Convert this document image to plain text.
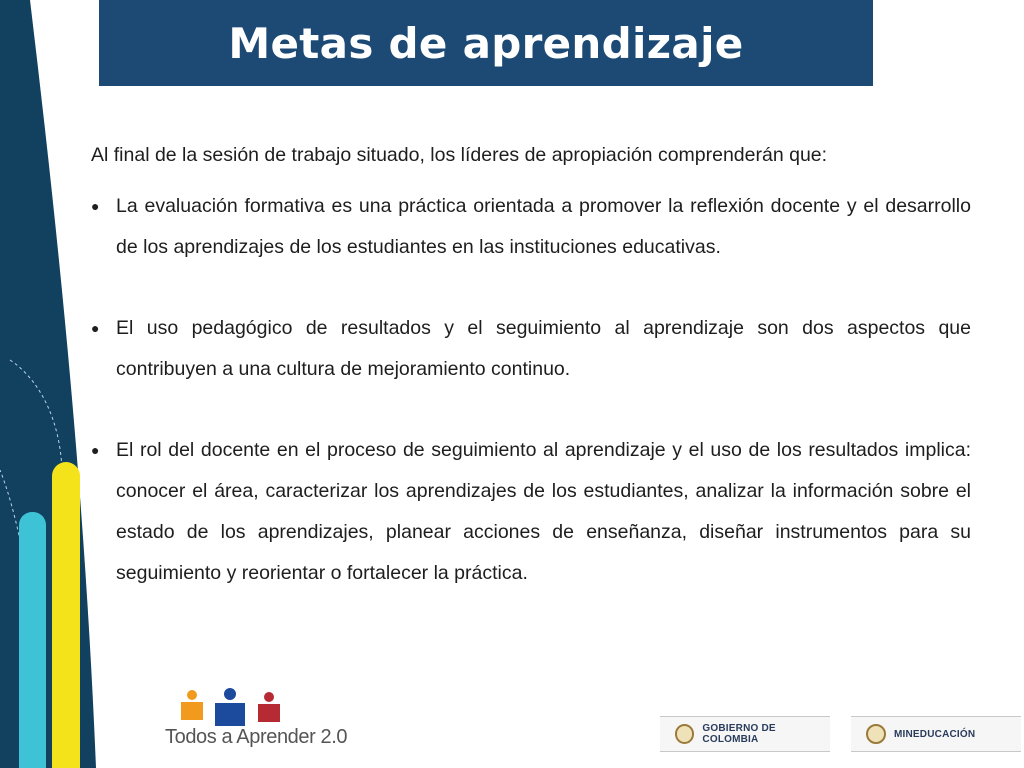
Metas de aprendizaje

Al final de la sesión de trabajo situado, los líderes de apropiación comprenderán que:

● La evaluación formativa es una práctica orientada a promover la reflexión docente y el desarrollo de los aprendizajes de los estudiantes en las instituciones educativas.
● El uso pedagógico de resultados y el seguimiento al aprendizaje son dos aspectos que contribuyen a una cultura de mejoramiento continuo.
● El rol del docente en el proceso de seguimiento al aprendizaje y el uso de los resultados implica: conocer el área, caracterizar los aprendizajes de los estudiantes, analizar la información sobre el estado de los aprendizajes, planear acciones de enseñanza, diseñar instrumentos para su seguimiento y reorientar o fortalecer la práctica.
Todos a Aprender 2.0	GOBIERNO DE COLOMBIA	MINEDUCACIÓN
